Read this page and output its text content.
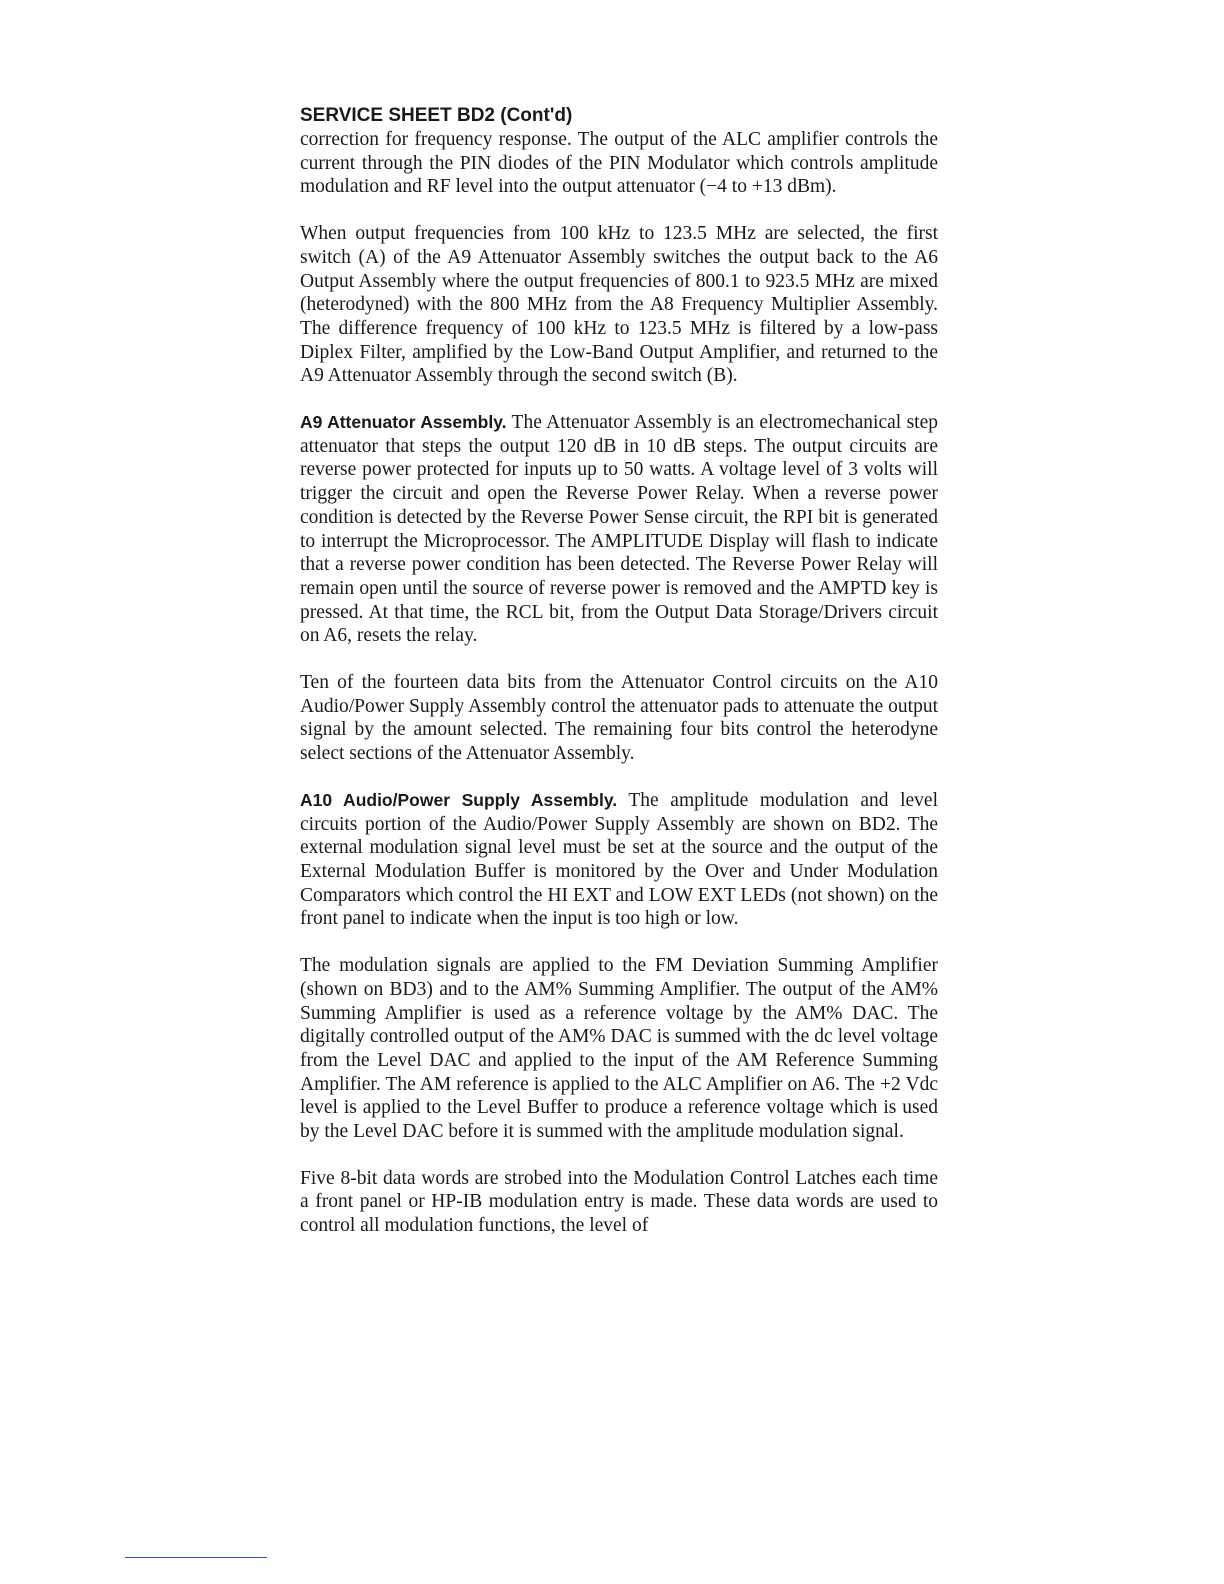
SERVICE SHEET BD2 (Cont'd)

correction for frequency response. The output of the ALC amplifier controls the current through the PIN diodes of the PIN Modulator which controls amplitude modulation and RF level into the output attenuator (−4 to +13 dBm).

When output frequencies from 100 kHz to 123.5 MHz are selected, the first switch (A) of the A9 Attenuator Assembly switches the output back to the A6 Output Assembly where the output frequencies of 800.1 to 923.5 MHz are mixed (heterodyned) with the 800 MHz from the A8 Frequency Multiplier Assembly. The difference frequency of 100 kHz to 123.5 MHz is filtered by a low-pass Diplex Filter, amplified by the Low-Band Output Amplifier, and returned to the A9 Attenuator Assembly through the second switch (B).

A9 Attenuator Assembly. The Attenuator Assembly is an electromechanical step attenuator that steps the output 120 dB in 10 dB steps. The output circuits are reverse power protected for inputs up to 50 watts. A voltage level of 3 volts will trigger the circuit and open the Reverse Power Relay. When a reverse power condition is detected by the Reverse Power Sense circuit, the RPI bit is generated to interrupt the Microprocessor. The AMPLITUDE Display will flash to indicate that a reverse power condition has been detected. The Reverse Power Relay will remain open until the source of reverse power is removed and the AMPTD key is pressed. At that time, the RCL bit, from the Output Data Storage/Drivers circuit on A6, resets the relay.

Ten of the fourteen data bits from the Attenuator Control circuits on the A10 Audio/Power Supply Assembly control the attenuator pads to attenuate the output signal by the amount selected. The remaining four bits control the heterodyne select sections of the Attenuator Assembly.

A10 Audio/Power Supply Assembly. The amplitude modulation and level circuits portion of the Audio/Power Supply Assembly are shown on BD2. The external modulation signal level must be set at the source and the output of the External Modulation Buffer is monitored by the Over and Under Modulation Comparators which control the HI EXT and LOW EXT LEDs (not shown) on the front panel to indicate when the input is too high or low.

The modulation signals are applied to the FM Deviation Summing Amplifier (shown on BD3) and to the AM% Summing Amplifier. The output of the AM% Summing Amplifier is used as a reference voltage by the AM% DAC. The digitally controlled output of the AM% DAC is summed with the dc level voltage from the Level DAC and applied to the input of the AM Reference Summing Amplifier. The AM reference is applied to the ALC Amplifier on A6. The +2 Vdc level is applied to the Level Buffer to produce a reference voltage which is used by the Level DAC before it is summed with the amplitude modulation signal.

Five 8-bit data words are strobed into the Modulation Control Latches each time a front panel or HP-IB modulation entry is made. These data words are used to control all modulation functions, the level of
